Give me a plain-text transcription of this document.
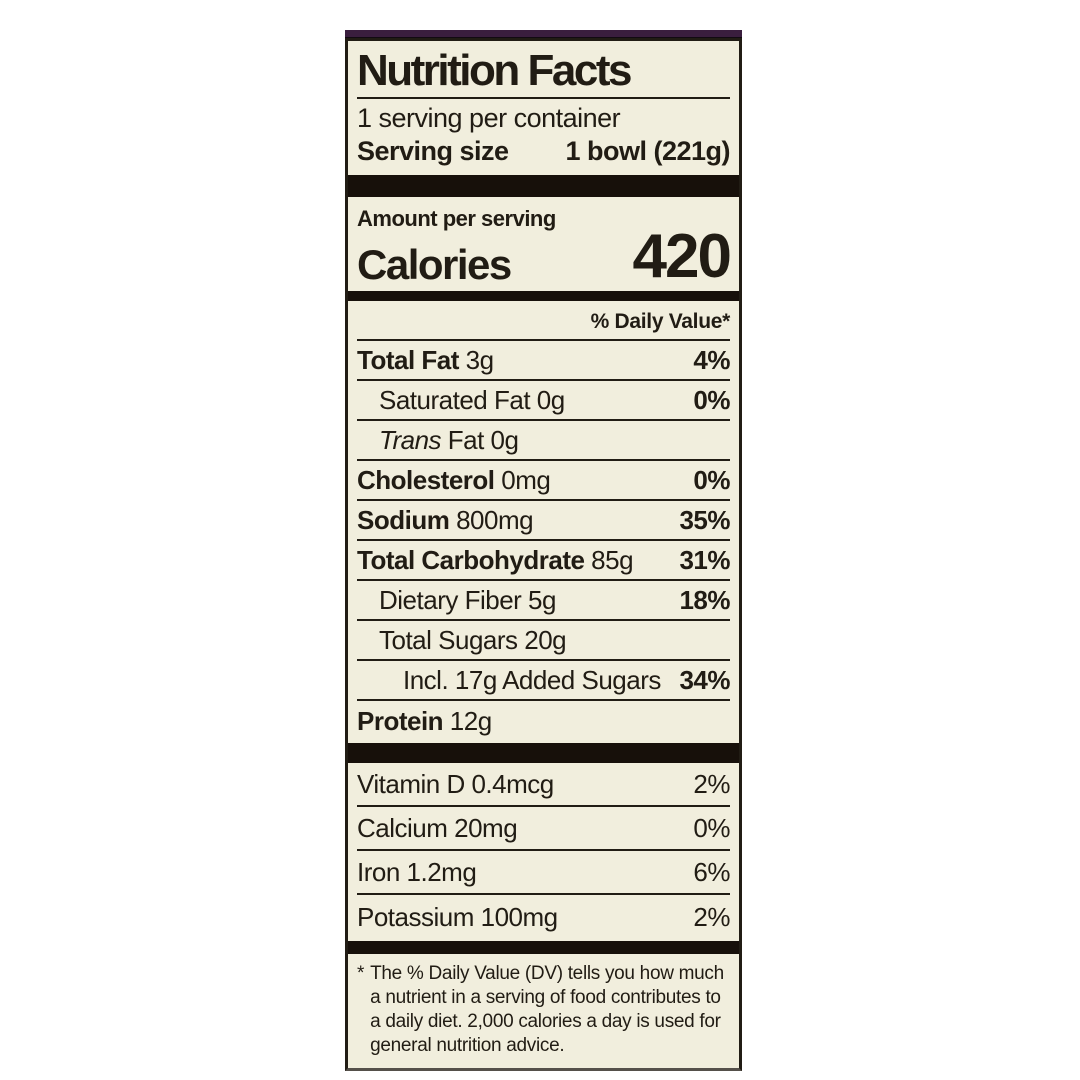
Nutrition Facts
1 serving per container
Serving size 1 bowl (221g)
Amount per serving
Calories 420
% Daily Value*
Total Fat 3g	4%
Saturated Fat 0g	0%
Trans Fat 0g
Cholesterol 0mg	0%
Sodium 800mg	35%
Total Carbohydrate 85g 31%
Dietary Fiber 5g	18%
Total Sugars 20g
Incl. 17g Added Sugars 34%
Protein 12g
Vitamin D 0.4mcg	2%
Calcium 20mg	0%
Iron 1.2mg	6%
Potassium 100mg	2%
* The % Daily Value (DV) tells you how much a nutrient in a serving of food contributes to a daily diet. 2,000 calories a day is used for general nutrition advice.
